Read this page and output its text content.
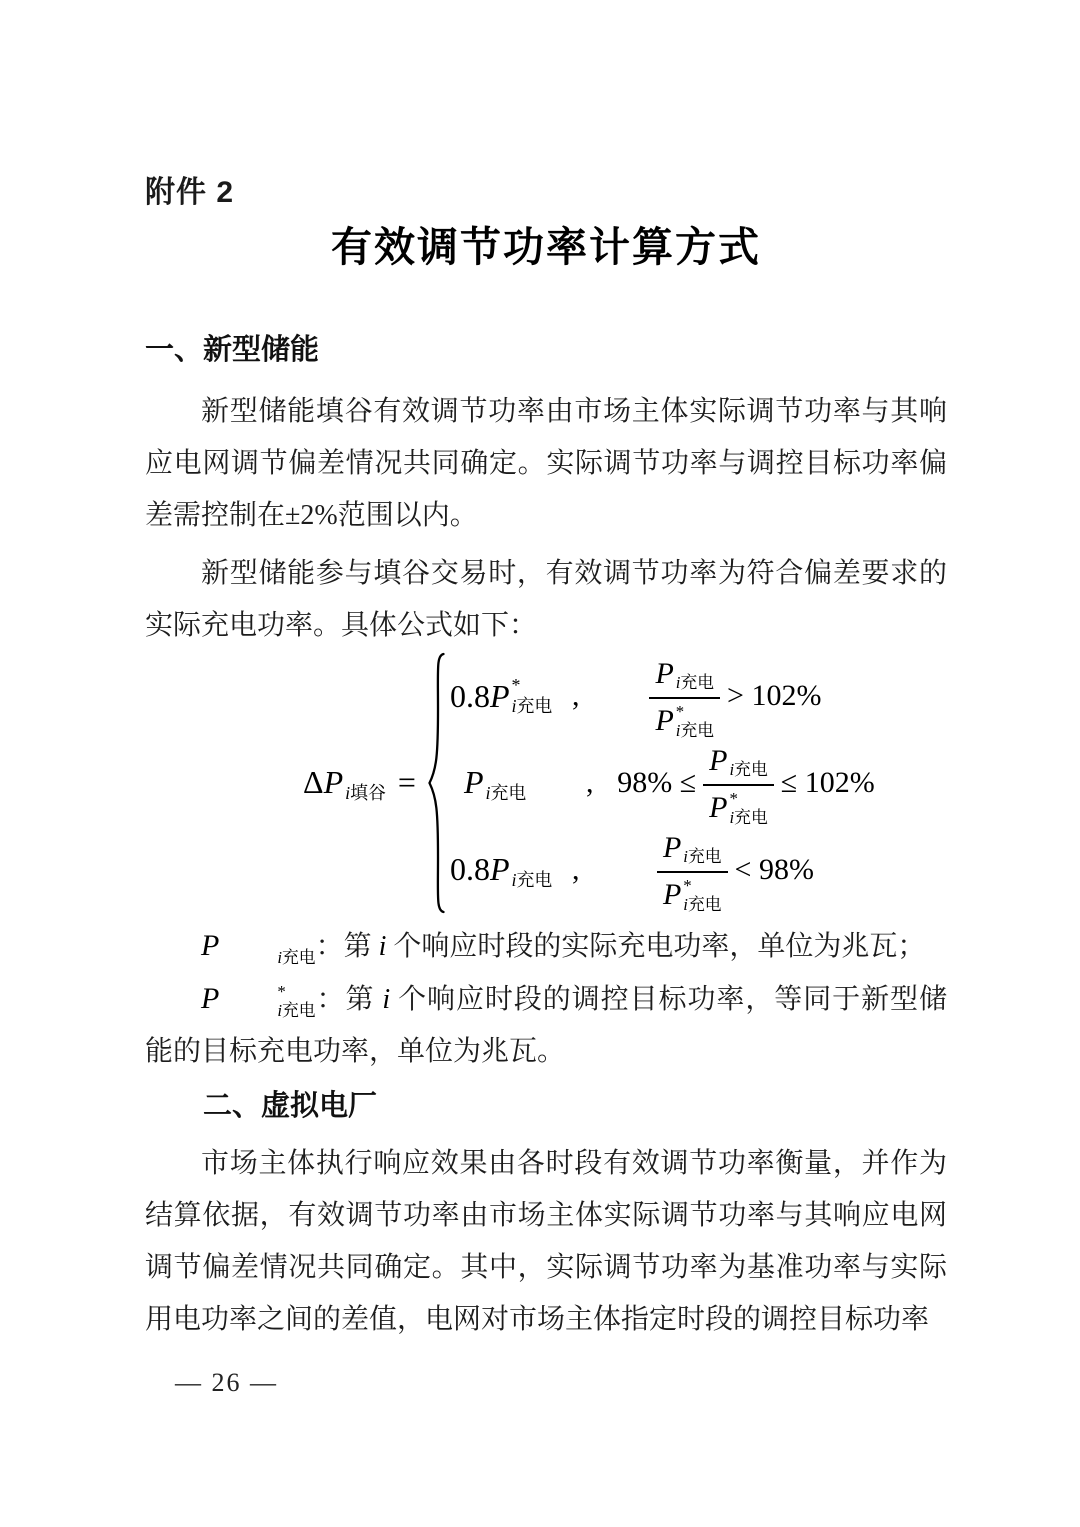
附件 2
有效调节功率计算方式
一、新型储能

新型储能填谷有效调节功率由市场主体实际调节功率与其响应电网调节偏差情况共同确定。实际调节功率与调控目标功率偏差需控制在±2%范围以内。

新型储能参与填谷交易时，有效调节功率为符合偏差要求的实际充电功率。具体公式如下：

Δ P i填谷 =
0.8 P *
i充电 ,	P i充电
P *
i充电 > 102%
P i充电 , 98% ≤ P i充电
P *
i充电 ≤ 102%
0.8 P i充电 ,	P i充电
P *
i充电 < 98%

P	i充电 ：第 i 个响应时段的实际充电功率，单位为兆瓦；

P	*
i充电 ：第 i 个响应时段的调控目标功率，等同于新型储能的目标充电功率，单位为兆瓦。

二、虚拟电厂

市场主体执行响应效果由各时段有效调节功率衡量，并作为结算依据，有效调节功率由市场主体实际调节功率与其响应电网调节偏差情况共同确定。其中，实际调节功率为基准功率与实际用电功率之间的差值，电网对市场主体指定时段的调控目标功率

— 26 —
